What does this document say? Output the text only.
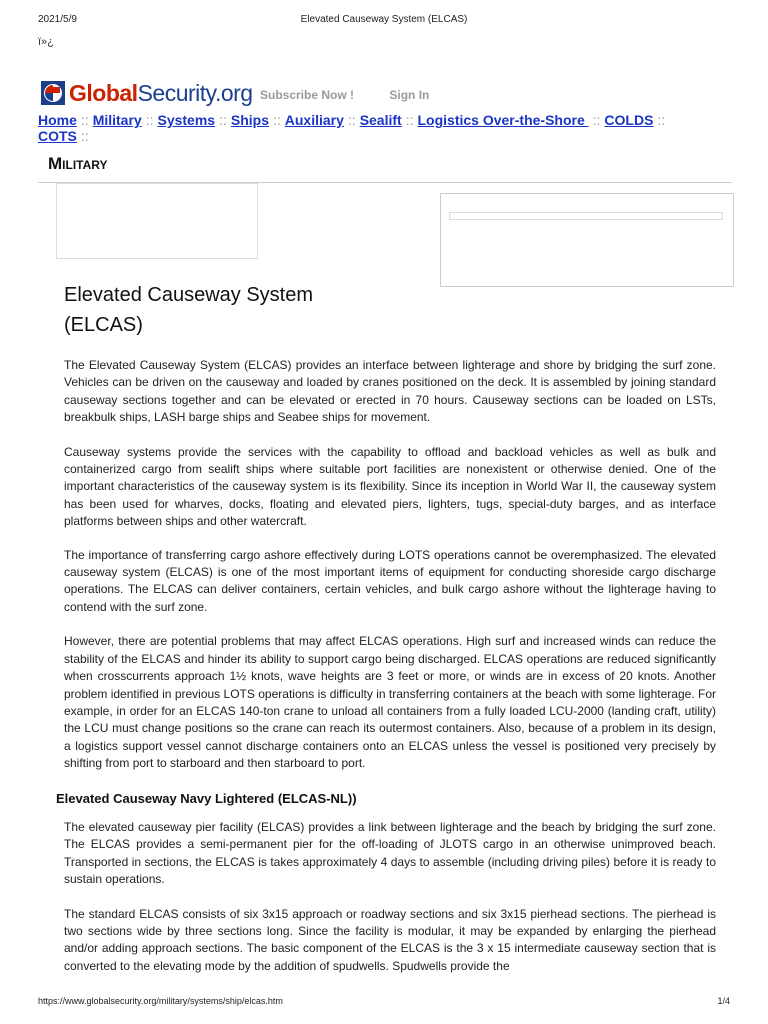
2021/5/9	Elevated Causeway System (ELCAS)
ï»¿
GlobalSecurity.org Subscribe Now !	Sign In
Home :: Military :: Systems :: Ships :: Auxiliary :: Sealift :: Logistics Over-the-Shore :: COLDS ::
COTS ::
Military
Elevated Causeway System (ELCAS)

The Elevated Causeway System (ELCAS) provides an interface between lighterage and shore by bridging the surf zone. Vehicles can be driven on the causeway and loaded by cranes positioned on the deck. It is assembled by joining standard causeway sections together and can be elevated or erected in 70 hours. Causeway sections can be loaded on LSTs, breakbulk ships, LASH barge ships and Seabee ships for movement.

Causeway systems provide the services with the capability to offload and backload vehicles as well as bulk and containerized cargo from sealift ships where suitable port facilities are nonexistent or otherwise denied. One of the important characteristics of the causeway system is its flexibility. Since its inception in World War II, the causeway system has been used for wharves, docks, floating and elevated piers, lighters, tugs, special-duty barges, and as interface platforms between ships and other watercraft.

The importance of transferring cargo ashore effectively during LOTS operations cannot be overemphasized. The elevated causeway system (ELCAS) is one of the most important items of equipment for conducting shoreside cargo discharge operations. The ELCAS can deliver containers, certain vehicles, and bulk cargo ashore without the lighterage having to contend with the surf zone.

However, there are potential problems that may affect ELCAS operations. High surf and increased winds can reduce the stability of the ELCAS and hinder its ability to support cargo being discharged. ELCAS operations are reduced significantly when crosscurrents approach 1½ knots, wave heights are 3 feet or more, or winds are in excess of 20 knots. Another problem identified in previous LOTS operations is difficulty in transferring containers at the beach with some lighterage. For example, in order for an ELCAS 140-ton crane to unload all containers from a fully loaded LCU-2000 (landing craft, utility) the LCU must change positions so the crane can reach its outermost containers. Also, because of a problem in its design, a logistics support vessel cannot discharge containers onto an ELCAS unless the vessel is positioned very precisely by shifting from port to starboard and then starboard to port.

Elevated Causeway Navy Lightered (ELCAS-NL))

The elevated causeway pier facility (ELCAS) provides a link between lighterage and the beach by bridging the surf zone. The ELCAS provides a semi-permanent pier for the off-loading of JLOTS cargo in an otherwise unimproved beach. Transported in sections, the ELCAS is takes approximately 4 days to assemble (including driving piles) before it is ready to sustain operations.

The standard ELCAS consists of six 3x15 approach or roadway sections and six 3x15 pierhead sections. The pierhead is two sections wide by three sections long. Since the facility is modular, it may be expanded by enlarging the pierhead and/or adding approach sections. The basic component of the ELCAS is the 3 x 15 intermediate causeway section that is converted to the elevating mode by the addition of spudwells. Spudwells provide the

https://www.globalsecurity.org/military/systems/ship/elcas.htm	1/4
